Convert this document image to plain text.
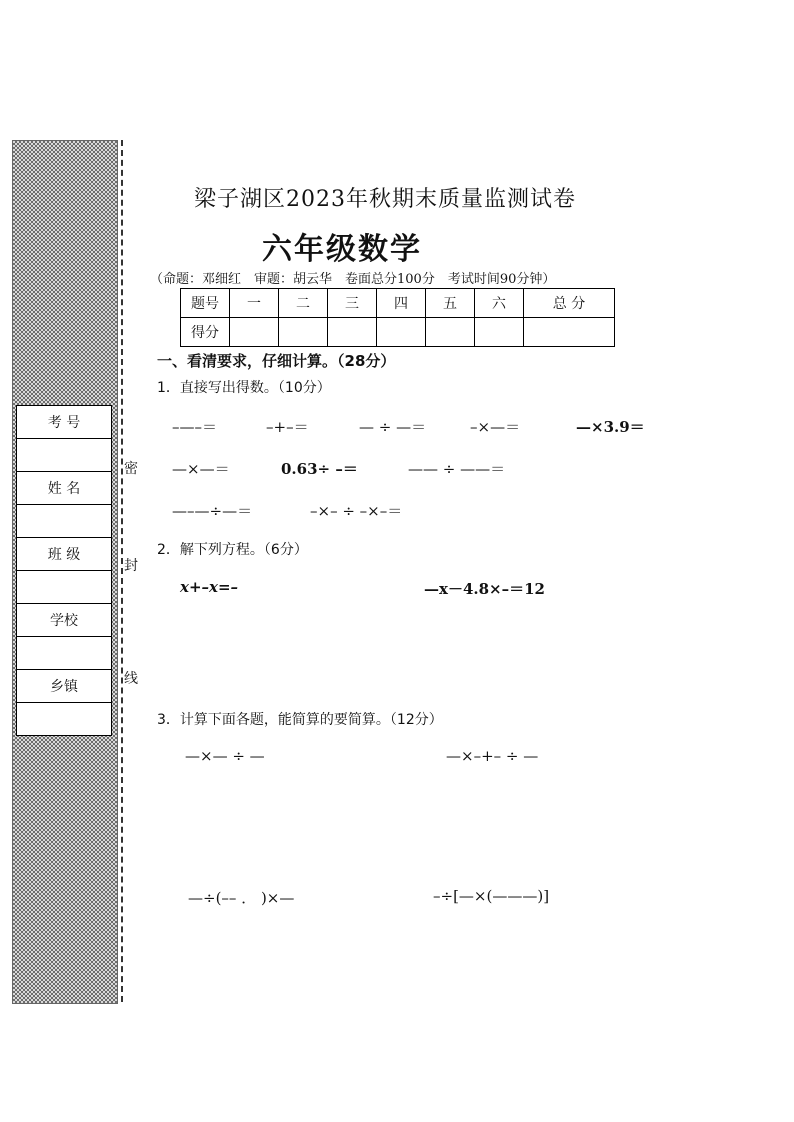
考 号

姓 名

班 级

学校

乡镇

密
封
线
梁子湖区2023年秋期末质量监测试卷
六年级数学
（命题：邓细红　审题：胡云华　卷面总分100分　考试时间90分钟）
题号	一	二	三	四	五	六	总 分
得分							
一、看清要求，仔细计算。（28分）
1．直接写出得数。（10分）
–—–＝	–+–＝	— ÷ —＝	–×—＝	—×3.9＝
—×—＝	0.63÷ –＝	—— ÷ ——＝
—–—÷—＝	–×– ÷ –×–＝
2．解下列方程。（6分）
x+–x=–	—x－4.8×–＝12
3．计算下面各题，能简算的要简算。（12分）
—×— ÷ —	—×–+– ÷ —
—÷(–– ． )×—	–÷[—×(———)]
